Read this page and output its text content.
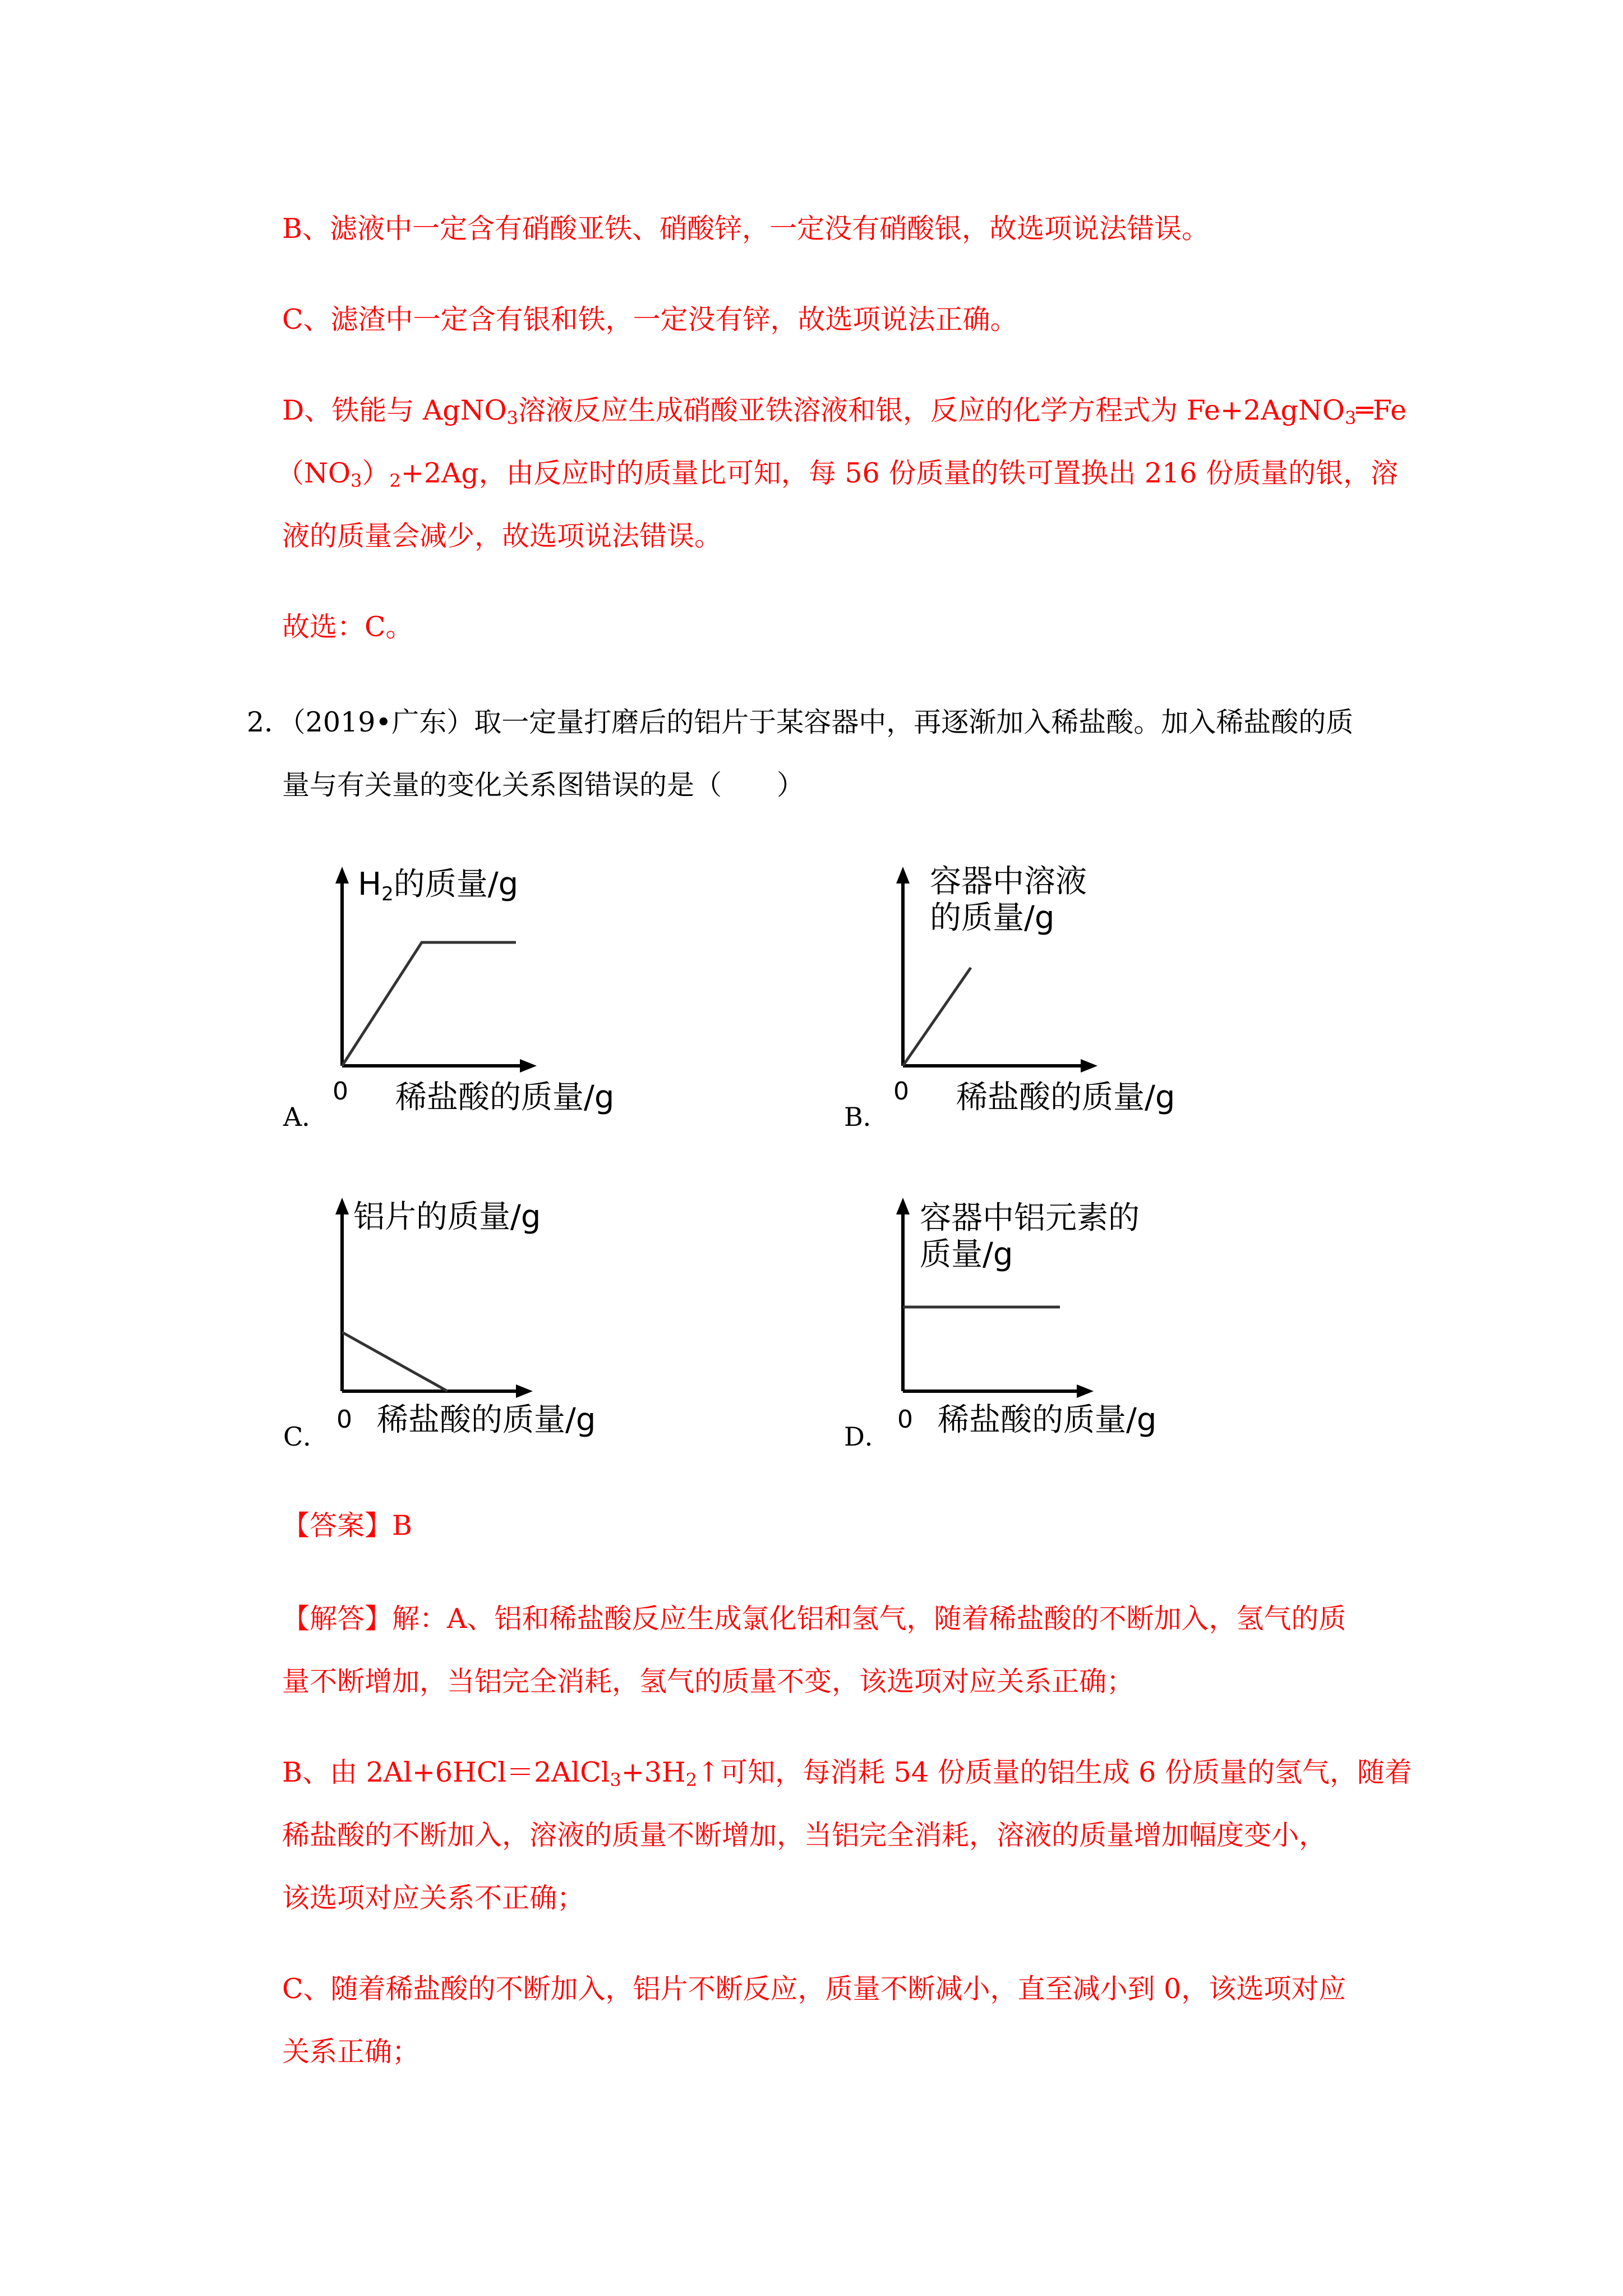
B、滤液中一定含有硝酸亚铁、硝酸锌，一定没有硝酸银，故选项说法错误。
C、滤渣中一定含有银和铁，一定没有锌，故选项说法正确。
D、铁能与 AgNO$_3$溶液反应生成硝酸亚铁溶液和银，反应的化学方程式为 Fe+2AgNO$_3$═Fe
$(NO_3)_2+2Ag$，由反应时的质量比可知，每 56 份质量的铁可置换出 216 份质量的银，溶
液的质量会减少，故选项说法错误。
故选：C。
2．（2019•广东）取一定量打磨后的铝片于某容器中，再逐渐加入稀盐酸。加入稀盐酸的质
量与有关量的变化关系图错误的是（　　）
H2的质量/g
0 稀盐酸的质量/g
A．
容器中溶液
的质量/g
0 稀盐酸的质量/g
B．
铝片的质量/g
0 稀盐酸的质量/g
C．
容器中铝元素的
质量/g
0 稀盐酸的质量/g
D．
【答案】B
【解答】解：A、铝和稀盐酸反应生成氯化铝和氢气，随着稀盐酸的不断加入，氢气的质
量不断增加，当铝完全消耗，氢气的质量不变，该选项对应关系正确；
B、由 $2Al+6HCl=2AlCl_3+3H_2↑$可知，每消耗 54 份质量的铝生成 6 份质量的氢气，随着
稀盐酸的不断加入，溶液的质量不断增加，当铝完全消耗，溶液的质量增加幅度变小，
该选项对应关系不正确；
C、随着稀盐酸的不断加入，铝片不断反应，质量不断减小，直至减小到 0，该选项对应
关系正确；
